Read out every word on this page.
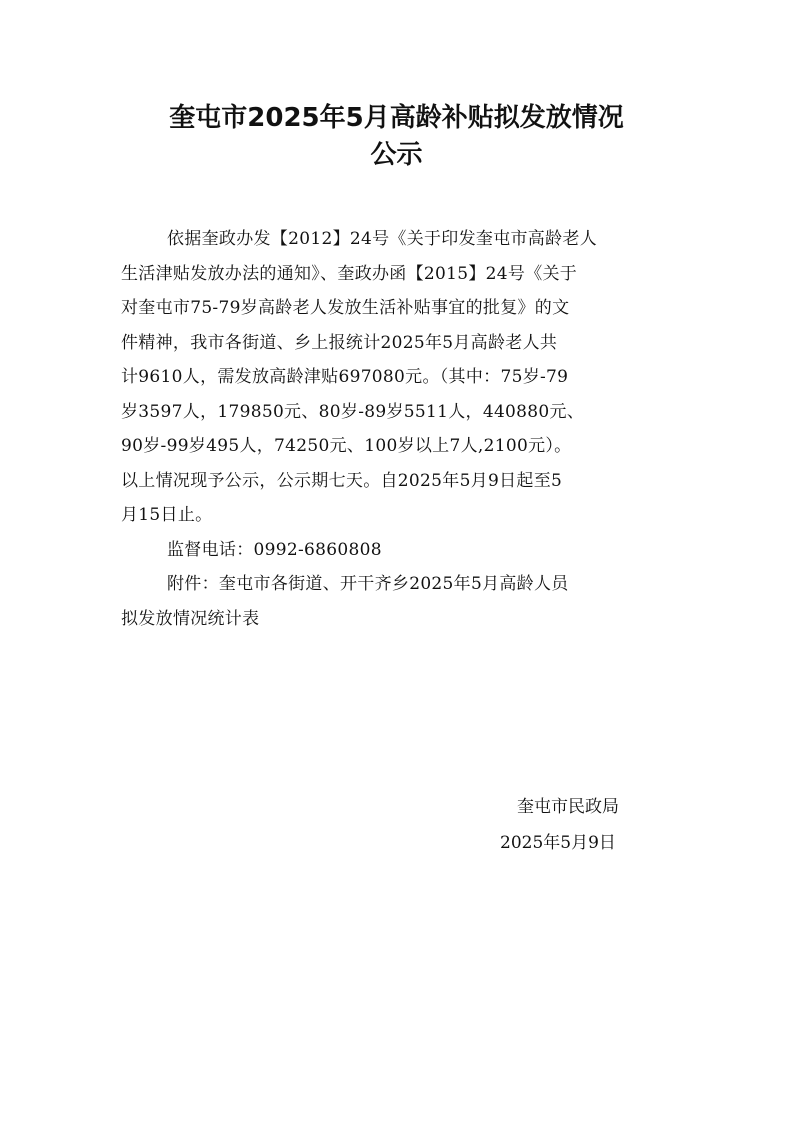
奎屯市2025年5月高龄补贴拟发放情况
公示
依据奎政办发【2012】24号《关于印发奎屯市高龄老人
生活津贴发放办法的通知》、奎政办函【2015】24号《关于
对奎屯市75-79岁高龄老人发放生活补贴事宜的批复》的文
件精神，我市各街道、乡上报统计2025年5月高龄老人共
计9610人，需发放高龄津贴697080元。（其中：75岁-79
岁3597人，179850元、80岁-89岁5511人，440880元、
90岁-99岁495人，74250元、100岁以上7人,2100元）。
以上情况现予公示，公示期七天。自2025年5月9日起至5
月15日止。
监督电话：0992-6860808
附件：奎屯市各街道、开干齐乡2025年5月高龄人员
拟发放情况统计表
奎屯市民政局
2025年5月9日
